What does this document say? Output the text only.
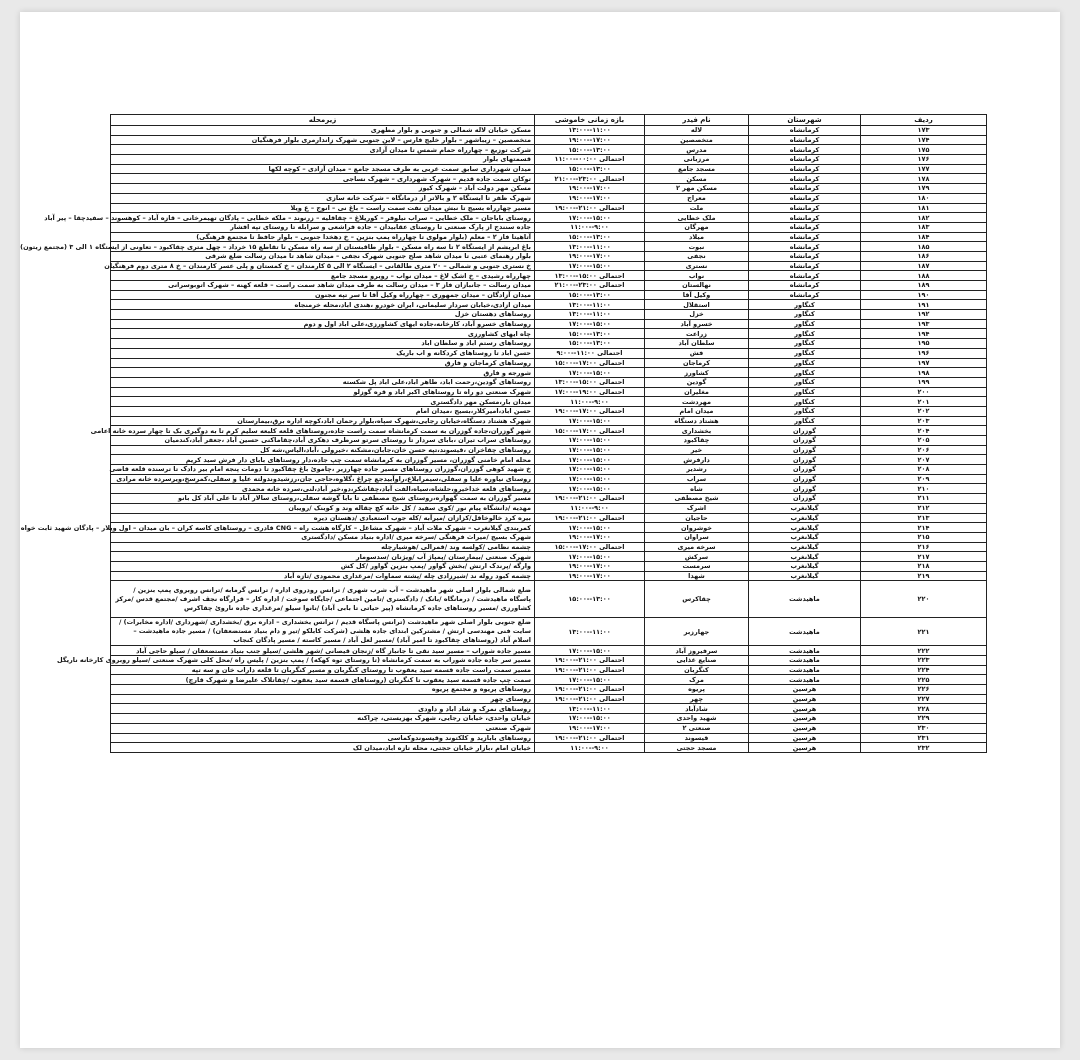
ردیف	شهرستان	نام فیدر	بازه زمانی خاموشی	زیرمحله
۱۷۳	کرمانشاه	لاله	۱۱:۰۰--۱۳:۰۰	مسکن خیابان لاله شمالی و جنوبی و بلوار مطهری
۱۷۴	کرمانشاه	متخصصین	۱۷:۰۰--۱۹:۰۰	متخصصین – زیباشهر – بلوار خلیج فارس – لاین جنوبی شهرک زاندارمری بلوار فرهنگیان
۱۷۵	کرمانشاه	مدرس	۱۳:۰۰--۱۵:۰۰	شرکت توزیع – چهارراه حمام شمس تا میدان آزادی
۱۷۶	کرمانشاه	مرزبانی	احتمالی ۰۰:۰۰--۱۱:۰۰	قسمتهای بلوار
۱۷۷	کرمانشاه	مسجد جامع	۱۳:۰۰--۱۵:۰۰	میدان شهرداری سابق سمت غربی به طرف مسجد جامع – میدان آزادی – کوچه لکها
۱۷۸	کرمانشاه	مسکن	احتمالی ۲۳:۰۰--۲۱:۰۰	توکان سمت جاده قدیم – شهرک شهرداری – شهرک نساجی
۱۷۹	کرمانشاه	مسکن مهر ۲	۱۷:۰۰--۱۹:۰۰	مسکن مهر دولت آباد – شهرک کیوز
۱۸۰	کرمانشاه	معراج	۱۷:۰۰--۱۹:۰۰	شهرک ظفر تا ایستگاه ۲ و بالاتر از درمانگاه – شرکت خانه سازی
۱۸۱	کرمانشاه	ملت	احتمالی ۲۱:۰۰--۱۹:۰۰	مسیر چهارراه بسیج تا نبش میدان نفت سمت راست – باغ نی – انوج – ع ویلا
۱۸۲	کرمانشاه	ملک خطایی	۱۵:۰۰--۱۷:۰۰	روستای باباجان – ملک خطایی – سراب نیلوفر – کوریلاغ – چقاقلیه – زرنوند – ملکه خطایی – پادگان تهیمرخانی – قازه آباد – کوهسوند – سفیدچقا – پیر آباد
۱۸۳	کرمانشاه	مهرگان	۹:۰۰--۱۱:۰۰	جاده سنندج از پارک صنعتی تا روستای عقابیدان – جاده فراشعی و سرابله تا روستای تپه افشار
۱۸۴	کرمانشاه	میلاد	۱۳:۰۰--۱۵:۰۰	آتاهیتا فاز ۲ – معلم (بلوار مولوی تا چهارراه پمپ بنزین – خ دهخدا جنوبی – بلوار حافظ تا مجتمع فرهنگی)
۱۸۵	کرمانشاه	نبوت	۱۱:۰۰--۱۳:۰۰	باغ ابریشم از ایستگاه ۲ تا سه راه مسکن – بلوار طاقبستان از سه راه مسکن تا تقاطع ۱۵ خرداد – چهل متری چقاکبود – تعاونی از ایستگاه ۱ الی ۳ (مجتمع زیتون)
۱۸۶	کرمانشاه	نجفی	۱۷:۰۰--۱۹:۰۰	بلوار رهنمای عتبی تا میدان شاهد صلح جنوبی شهرک نجفی – میدان شاهد تا میدان رسالت ضلع شرقی
۱۸۷	کرمانشاه	نستری	۱۵:۰۰--۱۷:۰۰	خ نستری جنوبی و شمالی – ۲۰ متری طالقانی – ایستگاه ۲ الی ۵ کارمندان – خ کمستان و پلی عسر کارمندان – خ ۸ متری دوم فرهنگیان
۱۸۸	کرمانشاه	نواب	احتمالی ۱۵:۰۰--۱۳:۰۰	چهارراه رشیدی – خ اشک لاغ – میدان نواب – روبرو مسجد جامع
۱۸۹	کرمانشاه	نهالستان	احتمالی ۲۳:۰۰--۲۱:۰۰	میدان رسالت – جانبازان فاز ۳ – میدان رسالت به طرف میدان شاهد سمت راست – قلعه کهنه – شهرک اتوبوسرانی
۱۹۰	کرمانشاه	وکیل آقا	۱۳:۰۰--۱۵:۰۰	میدان آزادگان – میدان جمهوری – چهارراه وکیل آقا تا سر تپه مجنون
۱۹۱	کنگاور	استقلال	۱۱:۰۰--۱۳:۰۰	میدان ازادی،خیابان سردار سلیمانی، ایران خودرو ،هندی اباد،محله خرمنجاه
۱۹۲	کنگاور	خزل	۱۱:۰۰--۱۳:۰۰	روستاهای دهستان خزل
۱۹۳	کنگاور	خسرو آباد	۱۵:۰۰--۱۷:۰۰	روستاهای خسرو آباد، کارخانه،جاده ایهای کشاورزی،علی اباد اول و دوم
۱۹۴	کنگاور	زراعت	۱۳:۰۰--۱۵:۰۰	چاه ایهای کشاورزی
۱۹۵	کنگاور	سلطان آباد	۱۳:۰۰--۱۵:۰۰	روستاهای رستم اباد و سلطان اباد
۱۹۶	کنگاور	فش	احتمالی ۱۱:۰۰--۹:۰۰	حسن اباد تا روستاهای کردکانه و اب باریک
۱۹۷	کنگاور	کرماجان	احتمالی ۱۷:۰۰--۱۵:۰۰	روستاهای کرماجان و فارق
۱۹۸	کنگاور	کشاورز	۱۵:۰۰--۱۷:۰۰	شورجه و فارق
۱۹۹	کنگاور	گودین	احتمالی ۱۵:۰۰--۱۳:۰۰	روستاهای گودین،رحمت اباد، طاهر اباد،علی اباد پل شکسته
۲۰۰	کنگاور	مغلیران	احتمالی ۱۹:۰۰--۱۷:۰۰	شهرک صنعتی دو راه تا روستاهای اکبر اباد و قره گوزلو
۲۰۱	کنگاور	مهردشت	۹:۰۰--۱۱:۰۰	میدان بار،مسکن مهر دادگستری
۲۰۲	کنگاور	میدان امام	احتمالی ۱۷:۰۰--۱۹:۰۰	حسن اباد،امیرکلار،بسیج ،میدان امام
۲۰۳	کنگاور	هشتاد دستگاه	۱۵:۰۰--۱۷:۰۰	شهرک هشتاد دستگاه،خیابان رجایی،شهرک سپاه،بلوار رحمان اباد،کوچه اداره برق،بیمارستان
۲۰۴	گوزران	بخشداری	احتمالی ۱۷:۰۰--۱۵:۰۰	شهر گوزران،جاده گوزران به سمت کرمانشاه سمت راست جاده،روستاهای قلعه کلبعه سلیم کرم تا به دوگیری بک تا چهار سرده خانه اعامی
۲۰۵	گوزران	چقاکبود	۱۵:۰۰--۱۷:۰۰	روستاهای سراب تیران ،بابای سردار تا روستای سرتو سرطرف دهکری آباد،چقاماکنی حسین آباد ،جعفر آباد،کندمیان
۲۰۶	گوزران	خیر	۱۵:۰۰--۱۷:۰۰	روستاهای چقاخران ،قیسوند،تپه حسن خان،جابان،مشکنه ،خیرولی ،آباد،الیاس،شه کل
۲۰۷	گوزران	دارفرش	۱۵:۰۰--۱۷:۰۰	محله امام خامنی گوزران، مسیر گوزران به کرمانشاه سمت چپ جاده،دار روستاهای بابای دار فرش سید کریم
۲۰۸	گوزران	رشدیر	۱۵:۰۰--۱۷:۰۰	خ شهید کوهی گوزران،گوزران روستاهای مسیر جاده چهارزبر ،چاموئ باغ چقاکبود تا دومات پنجه امام بیر دادک تا ترسنده قلعه قاضی
۲۰۹	گوزران	سراب	۱۵:۰۰--۱۷:۰۰	روستای نیاوره علیا و سفلی،سیمرابلاع،راوآبیدجع چراغ ،گلاوه،حاجی جان،رزشیدوندولته علیا و سفلی،کمرسخ،ویرسرده خانه مرادی
۲۱۰	گوزران	شاه	۱۵:۰۰--۱۷:۰۰	روستاهای قلعه خداخیرو،حلشاه،سیاه،الفت آباد،چقاشکر،دو،خیر آباد،لنی،سرده خانه محمدی
۲۱۱	گوزران	شیخ مصطفی	احتمالی ۲۱:۰۰--۱۹:۰۰	مسیر گوزران به سمت گهواره،روستای شیخ مصطفی تا بابا گوشه سفلی،روستای سالار آباد تا علی آباد کل بانو
۲۱۲	گیلانغرب	اشرک	۹:۰۰--۱۱:۰۰	مهدیه /دانشگاه پیام نور /کوی سفید / کل خانه کچ چقاله وند و کوبنک /رویبان
۲۱۳	گیلانغرب	حاجیان	احتمالی ۲۱:۰۰--۱۹:۰۰	بیره کرد خالوخاقل/کزازان /میرآبه /کله جوب استعبادی /دهستان دیره
۲۱۴	گیلانغرب	خوشروان	۱۵:۰۰--۱۷:۰۰	کمربندی گیلانغرب – شهرک ملات آباد – شهرک مشاغل – کارگاه هشت راه – CNG قادری – روستاهای کاسه کران – بان میدان – اول ویلار – پادگان شهید ثابت خواه
۲۱۵	گیلانغرب	سراوان	۱۷:۰۰--۱۹:۰۰	شهرک بسیج /میراث فرهنگی /سرخه میری /اداره بنیاد مسکن /دادگستری
۲۱۶	گیلانغرب	سرخه میری	احتمالی ۱۷:۰۰--۱۵:۰۰	چشمه نظامی /کولسه وند /قمرالی /هوشیارچله
۲۱۷	گیلانغرب	سرکش	۱۵:۰۰--۱۷:۰۰	شهرک صنعتی /بیمارستان /پمپاژ آب /ویژنان /سدسومار
۲۱۸	گیلانغرب	سرمست	۱۷:۰۰--۱۹:۰۰	وارگه /پرندک ارتش /بخش گواور /پمپ بنزین گواور /کل کش
۲۱۹	گیلانغرب	شهدا	۱۷:۰۰--۱۹:۰۰	چشمه کبود روله ند /شیرزادی چله /پشته سماوات /مرغداری محمودی /تازه آباد
۲۲۰	ماهیدشت	چقاکرس	۱۳:۰۰--۱۵:۰۰	ضلع شمالی بلوار اصلی شهر ماهیدشت – آب شرب شهری / ترانس رودروی اداره / ترانس گرمابه /ترانس روبروی پمپ بنزین /پاسگاه ماهیدشت / درمانگاه /بانک / دادگستری /تامین اجتماعی /جایگاه سوخت / اداره کار – قرارگاه نجف اشرف /مجتمع قدس /مرکز کشاورزی /مسیر روستاهای جاده کرمانشاه (پیر حیاتی تا بابی آباد) /نانوا سیلو /مرغداری جاده ناروئ چقاکرس
۲۲۱	ماهیدشت	جهارزبر	۱۱:۰۰--۱۳:۰۰	ضلع جنوبی بلوار اصلی شهر ماهیدشت (ترانس پاسگاه قدیم / ترانس بخشداری – اداره برق /بخشداری /شهرداری /اداره مخابرات) /سایت فنی مهندسی ارتش / مشترکین ابتدای جاده هلشی (شرکت کابلکو /تیر و دام بنیاد مستضعفان) / مسیر جاده ماهیدشت – اسلام آباد (روستاهای چقاکبود تا امیر آباد) /مسیر لعل آباد / مسیر کاسته / مسیر پادگان کنجاب
۲۲۲	ماهیدشت	سرفیروز آباد	۱۵:۰۰--۱۷:۰۰	مسیر جاده شوراب – مسیر سید نقی تا جانباز گاه /زنجان قیصانی /شهر هلشی /سیلو جنب بنیاد مستضعفان / سیلو حاجی آباد
۲۲۳	ماهیدشت	صنایع غذایی	احتمالی ۲۱:۰۰--۱۹:۰۰	مسیر سر جاده جاده شوراب به سمت کرمانشاه (تا روستای توه کهکه) / پمپ بنزین / پلیس راه /محل کلی شهرک صنعتی /سیلو روبروی کارخانه ناریگل
۲۲۴	ماهیدشت	کنگربان	احتمالی ۲۱:۰۰--۱۹:۰۰	مسیر سمت راست جاده قسمه سید یعقوب تا روستای کنگربان و مسیر کنگربان تا قلعه داراب خان و سه تپه
۲۲۵	ماهیدشت	مرک	۱۵:۰۰--۱۷:۰۰	سمت چپ جاده قسمه سید یعقوب تا کنگربان (روستاهای قسمه سید یعقوب /چقاتلاک علیرضا و شهرک قارچ)
۲۲۶	هرسین	پریوه	احتمالی ۲۱:۰۰--۱۹:۰۰	روستاهای پریوه و مجتمع پریوه
۲۲۷	هرسین	چهر	احتمالی ۲۱:۰۰--۱۹:۰۰	روستای چهر
۲۲۸	هرسین	شادآباد	۱۱:۰۰--۱۳:۰۰	روستاهای نمرک و شاد اباد و داودی
۲۲۹	هرسین	شهید واحدی	۱۵:۰۰--۱۷:۰۰	خیابان واحدی، خیابان رجایی، شهرک بهزیستی، چراکنه
۲۳۰	هرسین	صنعتی ۲	۱۷:۰۰--۱۹:۰۰	شهرک صنعتی
۲۳۱	هرسین	قیسوند	احتمالی ۲۱:۰۰--۱۹:۰۰	روستاهای بابازید و کلکتوند وقیسوندوکماسی
۲۳۲	هرسین	مسجد حجتی	۹:۰۰--۱۱:۰۰	خیابان امام ،بازار خیابان حجتی، محله تازه اباد،میدان لک
